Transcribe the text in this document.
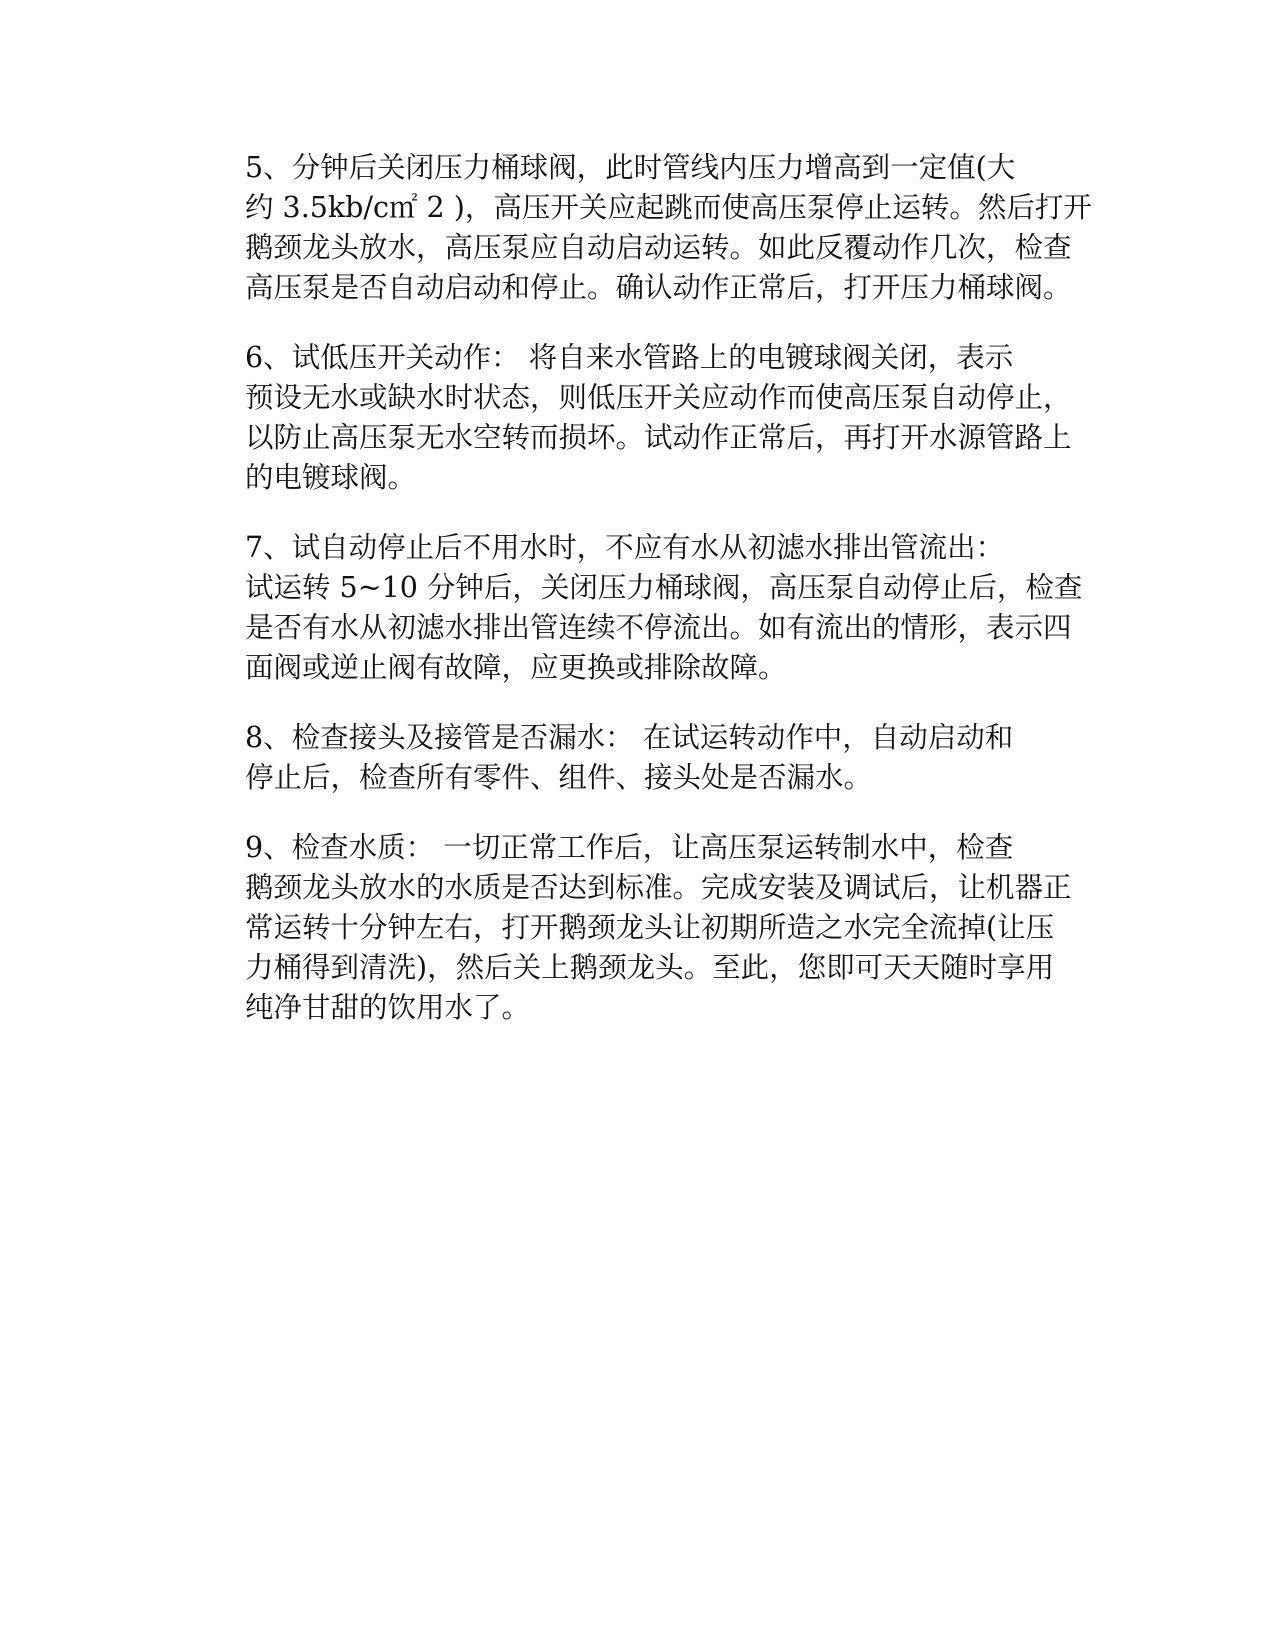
5、分钟后关闭压力桶球阀，此时管线内压力增高到一定值(大
约 3.5kb/c㎡ 2 )，高压开关应起跳而使高压泵停止运转。然后打开
鹅颈龙头放水，高压泵应自动启动运转。如此反覆动作几次，检查
高压泵是否自动启动和停止。确认动作正常后，打开压力桶球阀。

6、试低压开关动作： 将自来水管路上的电镀球阀关闭，表示
预设无水或缺水时状态，则低压开关应动作而使高压泵自动停止，
以防止高压泵无水空转而损坏。试动作正常后，再打开水源管路上
的电镀球阀。

7、试自动停止后不用水时，不应有水从初滤水排出管流出：
试运转 5~10 分钟后，关闭压力桶球阀，高压泵自动停止后，检查
是否有水从初滤水排出管连续不停流出。如有流出的情形，表示四
面阀或逆止阀有故障，应更换或排除故障。

8、检查接头及接管是否漏水： 在试运转动作中，自动启动和
停止后，检查所有零件、组件、接头处是否漏水。

9、检查水质： 一切正常工作后，让高压泵运转制水中，检查
鹅颈龙头放水的水质是否达到标准。完成安装及调试后，让机器正
常运转十分钟左右，打开鹅颈龙头让初期所造之水完全流掉(让压
力桶得到清洗)，然后关上鹅颈龙头。至此，您即可天天随时享用
纯净甘甜的饮用水了。
